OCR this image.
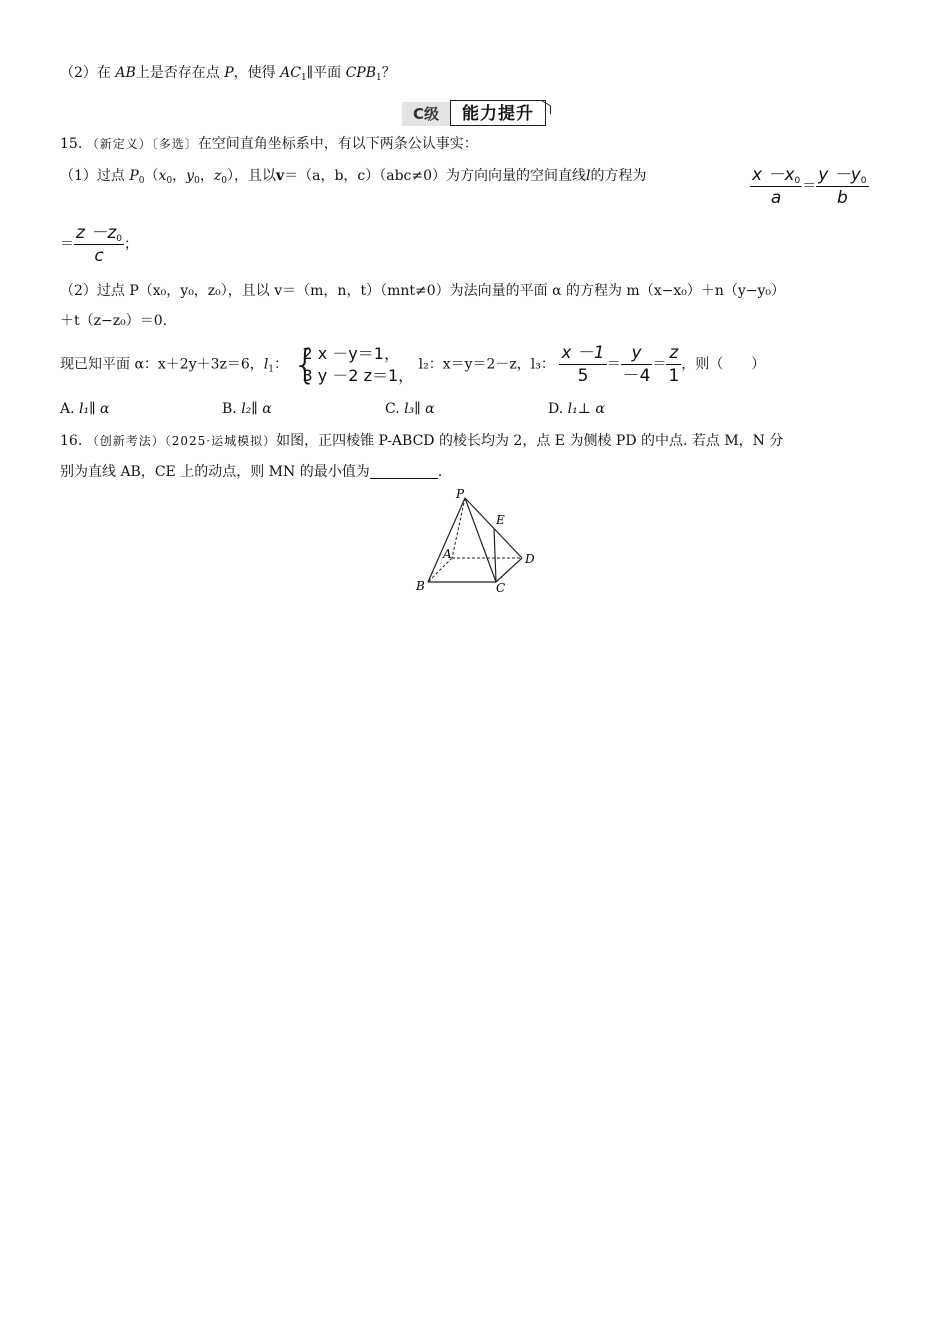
（2）在 AB上是否存在点 P，使得 $AC_1\parallel$平面 $CPB_1$？
C级	能力提升
15. （新定义）〔多选〕在空间直角坐标系中，有以下两条公认事实：
（1）过点 $P_0(x_0$，$y_0$，$z_0$），且以v＝（a，b，c）（abc≠0）为方向向量的空间直线l的方程为	$\frac{x -x_0}{a} = \frac{y -y_0}{b}$
＝ $\frac{z -z_0}{c}$ ；
（2）过点 P（x₀，y₀，z₀），且以 v＝（m，n，t）（mnt≠0）为法向量的平面 α 的方程为 m（x−x₀）＋n（y−y₀）
＋t（z−z₀）＝0.
现已知平面 α：x＋2y＋3z＝6，$l_1$： {
2 x －y＝1，
3 y －2 z＝1，
l₂：x＝y＝2－z，l₃： $\frac{x -1}{5} = \frac{y}{-4} = \frac{z}{1}$ ，则（　　）
A. l₁∥ α	B. l₂∥ α	C. l₃∥ α	D. l₁⊥ α
16. （创新考法）（2025·运城模拟）如图，正四棱锥 P-ABCD 的棱长均为 2，点 E 为侧棱 PD 的中点. 若点 M，N 分
别为直线 AB，CE 上的动点，则 MN 的最小值为	.
P
E
A	D
B	C
